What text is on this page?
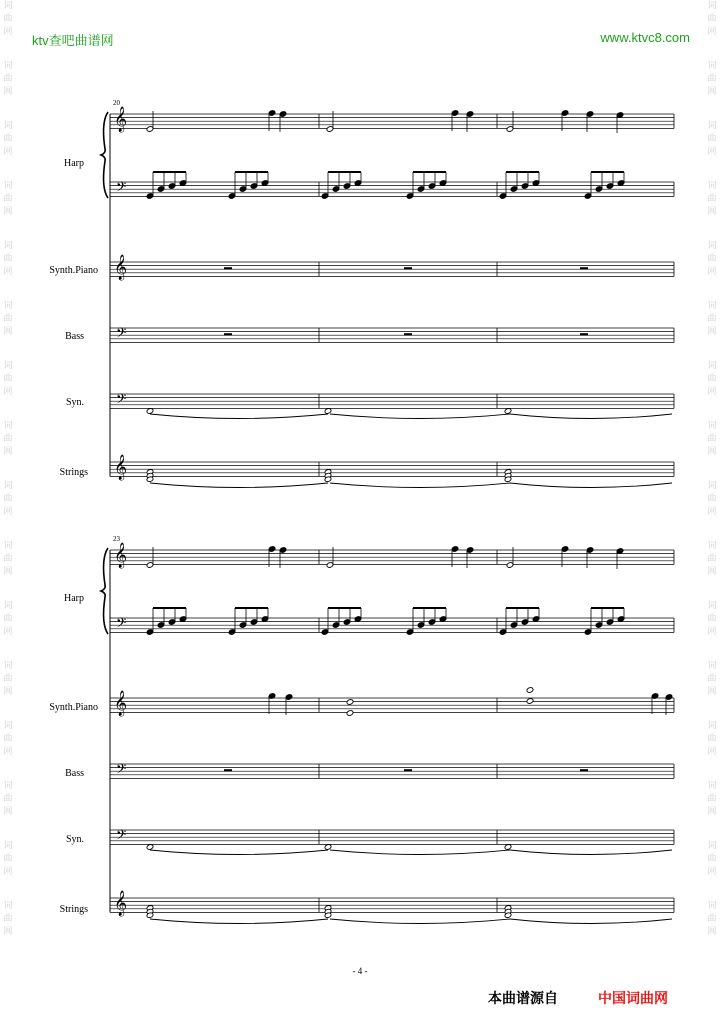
词 曲 网
词 曲 网
词 曲 网
词 曲 网
词 曲 网
词 曲 网
词 曲 网
词 曲 网
词 曲 网
词 曲 网
词 曲 网
词 曲 网
词 曲 网
词 曲 网
词 曲 网
词 曲 网
词 曲 网
词 曲 网
词 曲 网
词 曲 网
词 曲 网
词 曲 网
词 曲 网
词 曲 网
词 曲 网
词 曲 网
词 曲 网
词 曲 网
词 曲 网
词 曲 网
词 曲 网
词 曲 网
ktv查吧曲谱网	www.ktvc8.com
𝄞
𝄢
𝄞
𝄢
𝄢
𝄞
𝄞
𝄢
𝄞
𝄢
𝄢
𝄞
20
Harp
Synth.Piano
Bass
Syn.
Strings
23
Harp
Synth.Piano
Bass
Syn.
Strings
- 4 -
本曲谱源自	中国词曲网
